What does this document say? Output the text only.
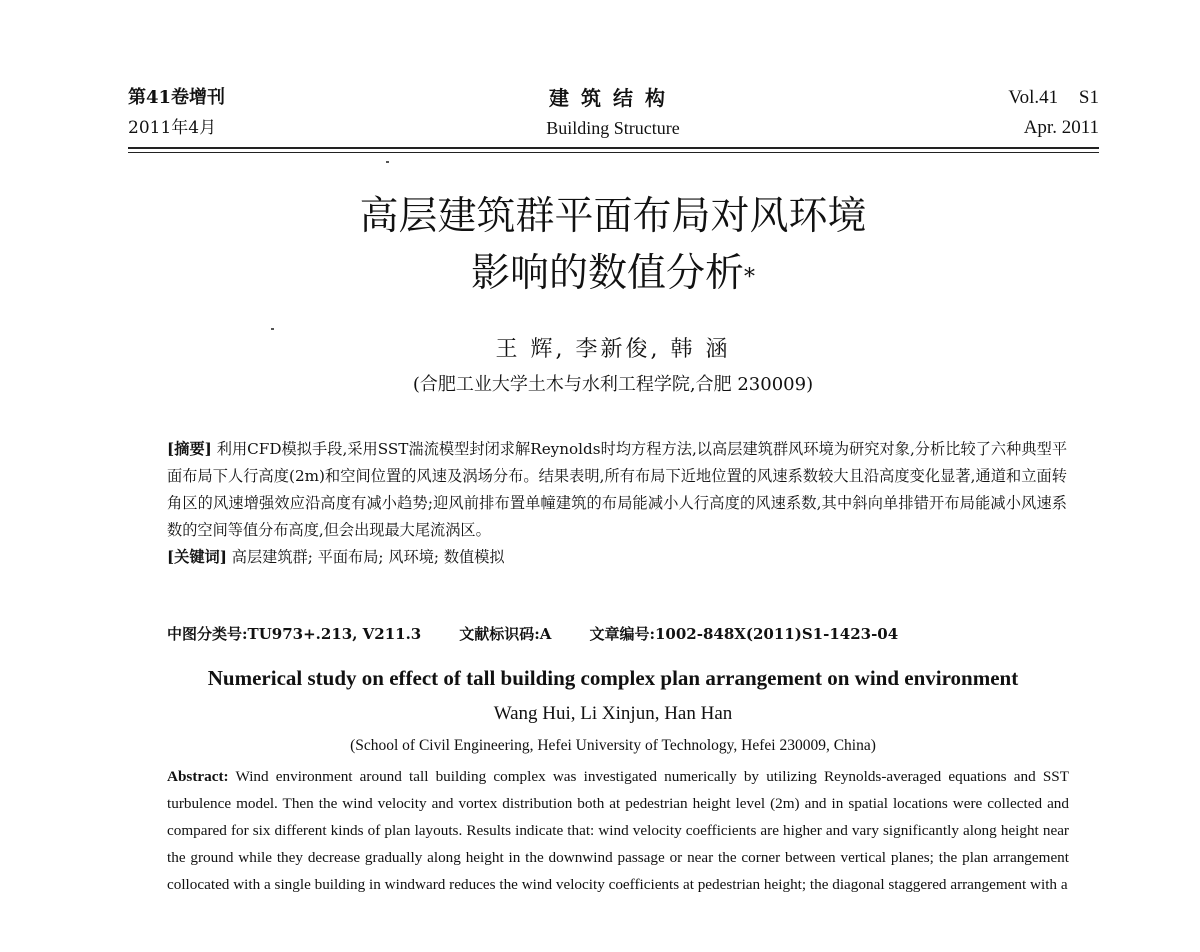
第41卷增刊
2011年4月
建筑结构
Building Structure
Vol.41 S1
Apr. 2011
高层建筑群平面布局对风环境
影响的数值分析*
王 辉, 李新俊, 韩 涵
(合肥工业大学土木与水利工程学院,合肥 230009)

[摘要] 利用CFD模拟手段,采用SST湍流模型封闭求解Reynolds时均方程方法,以高层建筑群风环境为研究对象,分析比较了六种典型平面布局下人行高度(2m)和空间位置的风速及涡场分布。结果表明,所有布局下近地位置的风速系数较大且沿高度变化显著,通道和立面转角区的风速增强效应沿高度有减小趋势;迎风前排布置单幢建筑的布局能减小人行高度的风速系数,其中斜向单排错开布局能减小风速系数的空间等值分布高度,但会出现最大尾流涡区。

[关键词] 高层建筑群; 平面布局; 风环境; 数值模拟

中图分类号:TU973+.213, V211.3	文献标识码:A	文章编号:1002-848X(2011)S1-1423-04
Numerical study on effect of tall building complex plan arrangement on wind environment
Wang Hui, Li Xinjun, Han Han
(School of Civil Engineering, Hefei University of Technology, Hefei 230009, China)
Abstract: Wind environment around tall building complex was investigated numerically by utilizing Reynolds-averaged equations and SST turbulence model. Then the wind velocity and vortex distribution both at pedestrian height level (2m) and in spatial locations were collected and compared for six different kinds of plan layouts. Results indicate that: wind velocity coefficients are higher and vary significantly along height near the ground while they decrease gradually along height in the downwind passage or near the corner between vertical planes; the plan arrangement collocated with a single building in windward reduces the wind velocity coefficients at pedestrian height; the diagonal staggered arrangement with a
